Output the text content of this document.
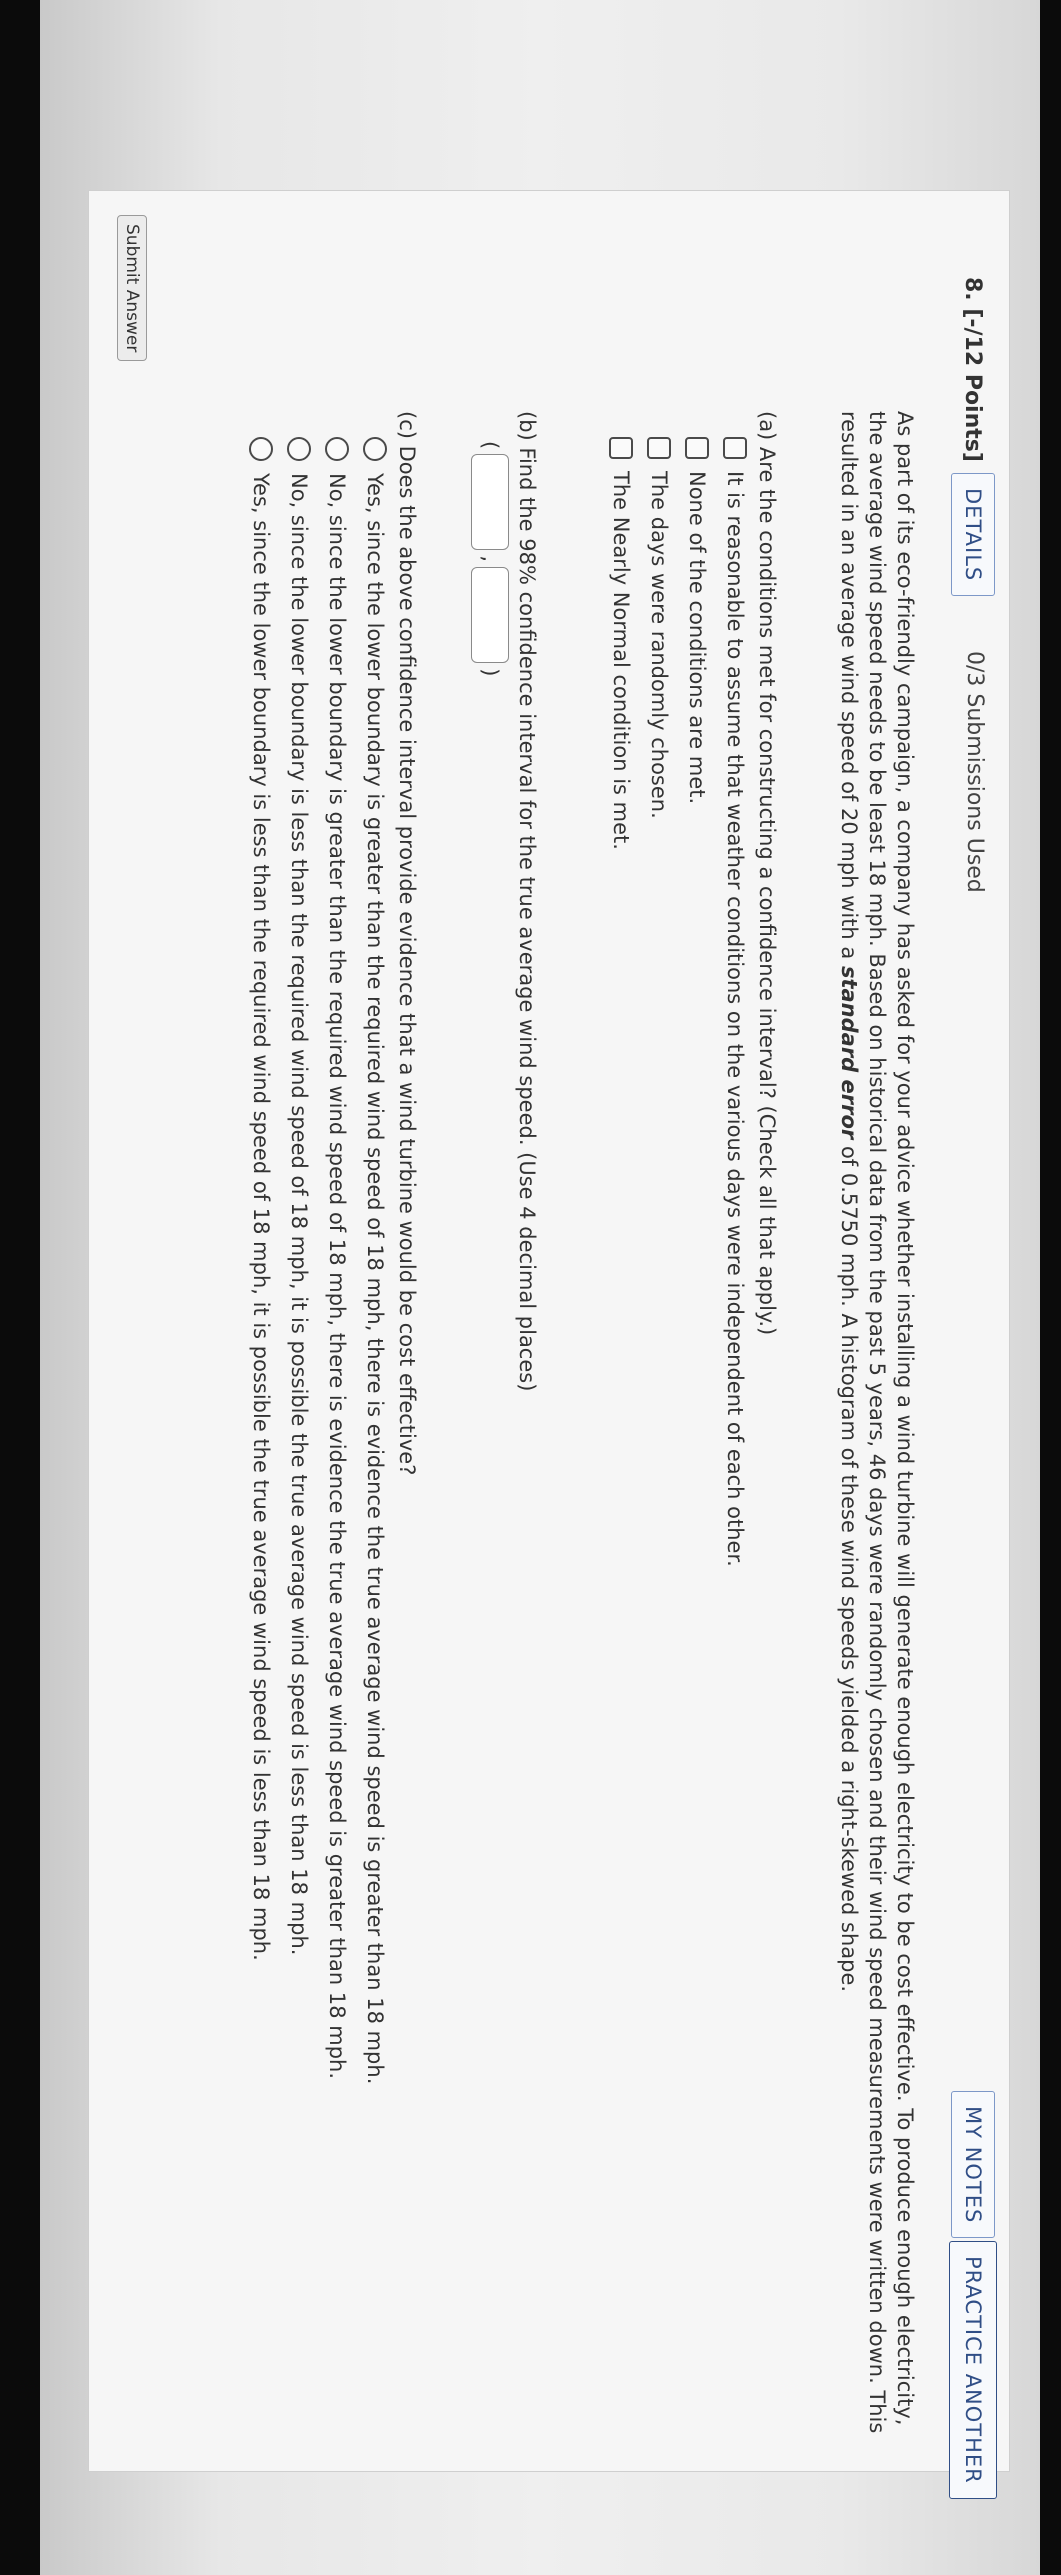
8. [-/12 Points]
DETAILS
0/3 Submissions Used
MY NOTES
PRACTICE ANOTHER
As part of its eco-friendly campaign, a company has asked for your advice whether installing a wind turbine will generate enough electricity to be cost effective. To produce enough electricity, the average wind speed needs to be least 18 mph. Based on historical data from the past 5 years, 46 days were randomly chosen and their wind speed measurements were written down. This resulted in an average wind speed of 20 mph with a standard error of 0.5750 mph. A histogram of these wind speeds yielded a right-skewed shape.
(a) Are the conditions met for constructing a confidence interval? (Check all that apply.)
It is reasonable to assume that weather conditions on the various days were independent of each other.
None of the conditions are met.
The days were randomly chosen.
The Nearly Normal condition is met.
(b) Find the 98% confidence interval for the true average wind speed. (Use 4 decimal places)
(  ,  )
(c) Does the above confidence interval provide evidence that a wind turbine would be cost effective?
Yes, since the lower boundary is greater than the required wind speed of 18 mph, there is evidence the true average wind speed is greater than 18 mph.
No, since the lower boundary is greater than the required wind speed of 18 mph, there is evidence the true average wind speed is greater than 18 mph.
No, since the lower boundary is less than the required wind speed of 18 mph, it is possible the true average wind speed is less than 18 mph.
Yes, since the lower boundary is less than the required wind speed of 18 mph, it is possible the true average wind speed is less than 18 mph.
Submit Answer
